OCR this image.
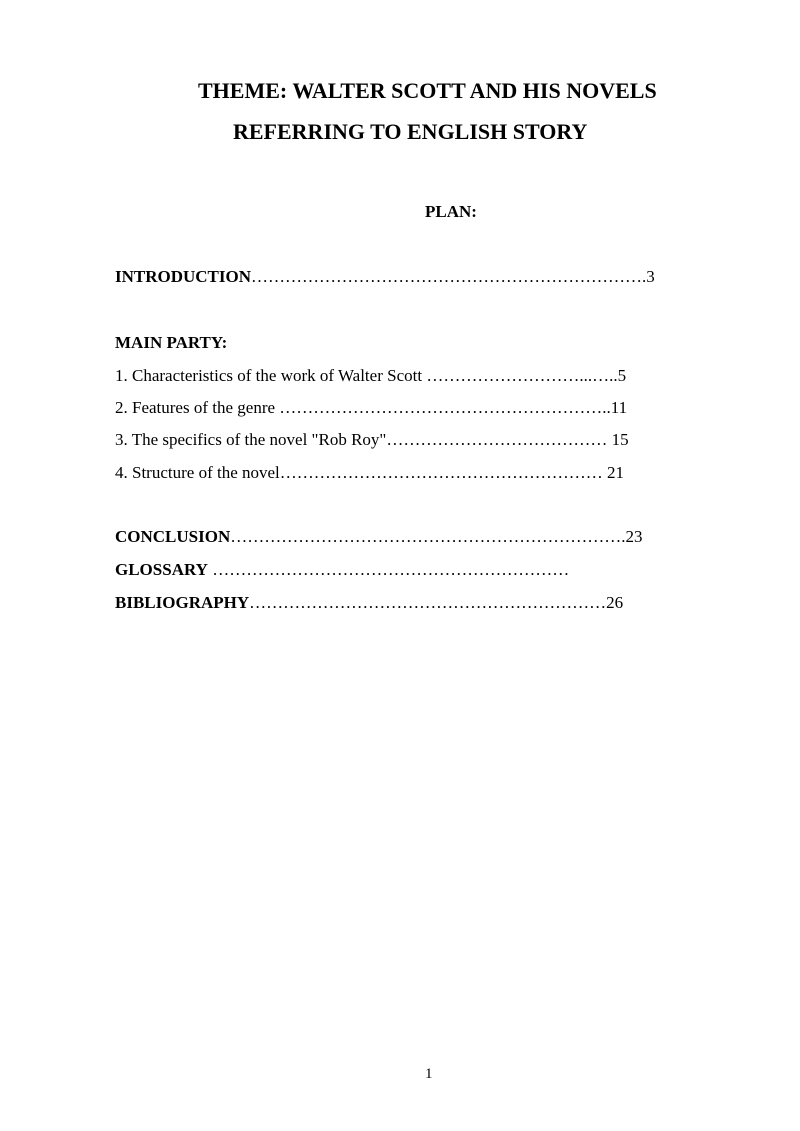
THEME: WALTER SCOTT AND HIS NOVELS
REFERRING TO ENGLISH STORY
PLAN:
INTRODUCTION…………………………………………………………….3
MAIN PARTY:
1. Characteristics of the work of Walter Scott ………………………...…..5
2. Features of the genre …………………………………………………..11
3. The specifics of the novel "Rob Roy"………………………………… 15
4. Structure of the novel………………………………………………… 21
CONCLUSION…………………………………………………………….23
GLOSSARY ………………………………………………………
BIBLIOGRAPHY………………………………………………………26
1
